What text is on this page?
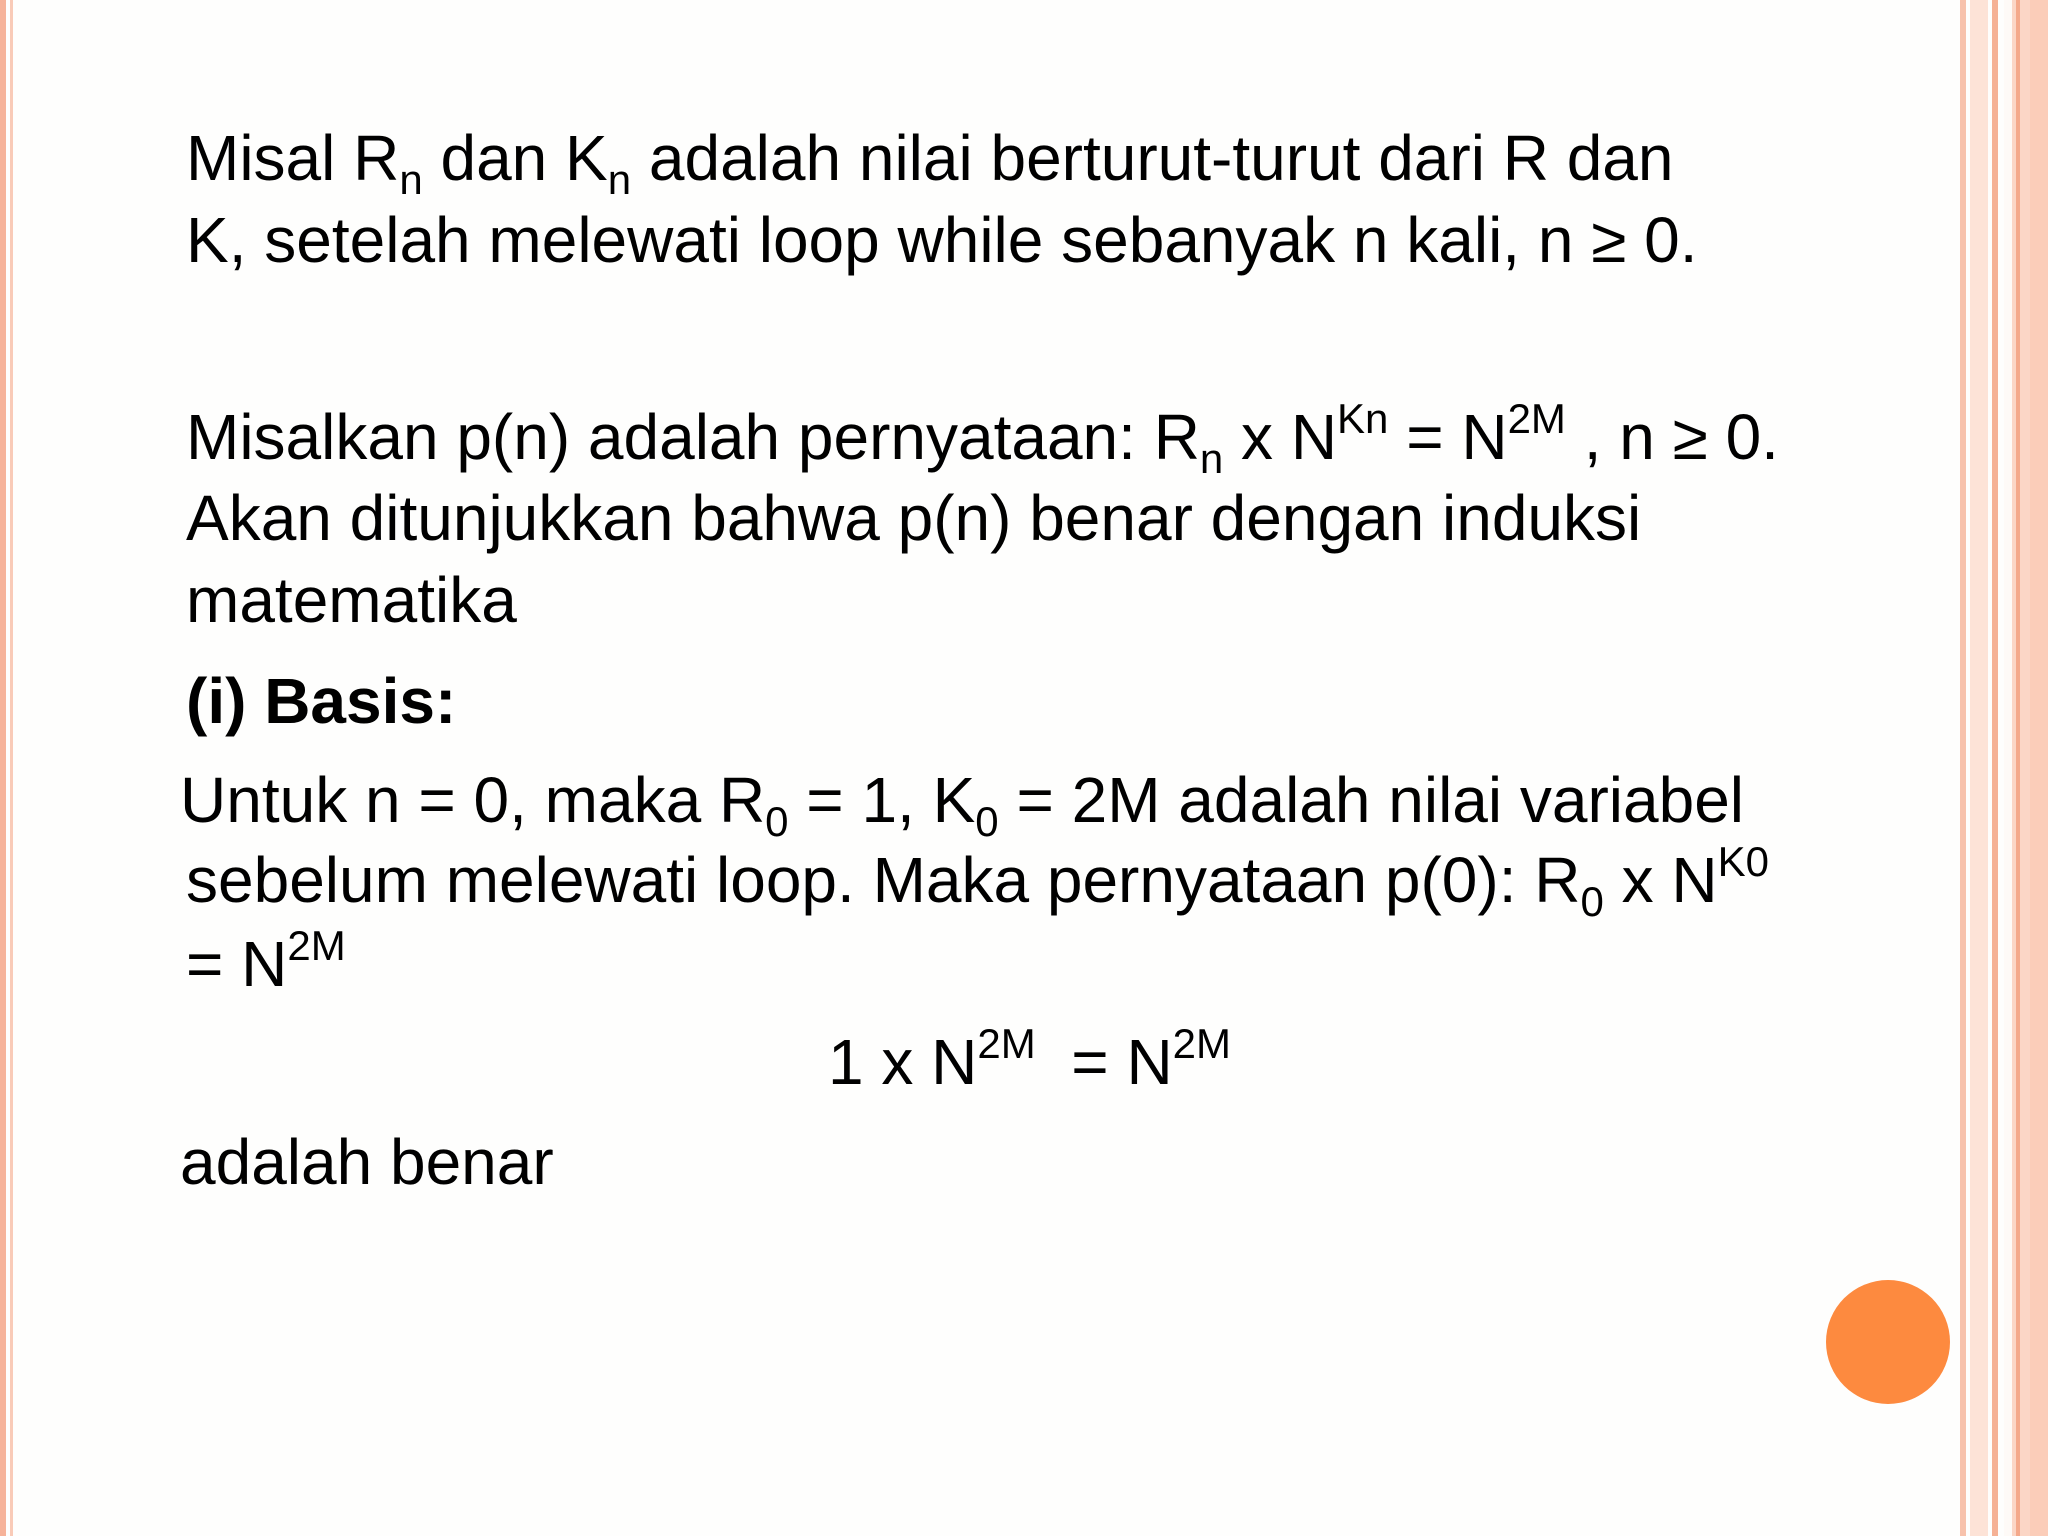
Misal $R_n$ dan $K_n$ adalah nilai berturut-turut dari R dan
K, setelah melewati loop while sebanyak n kali, n ≥ 0.
Misalkan p(n) adalah pernyataan: $R_n$ x $N^{Kn} = N^{2M}$ , n ≥ 0.
Akan ditunjukkan bahwa p(n) benar dengan induksi
matematika
(i) Basis:
Untuk n = 0, maka $R_0 = 1$, $K_0 = 2M$ adalah nilai variabel
sebelum melewati loop. Maka pernyataan p(0): $R_0$ x $N^{K0}$
= $N^{2M}$
1 x $N^{2M} = N^{2M}$
adalah benar
